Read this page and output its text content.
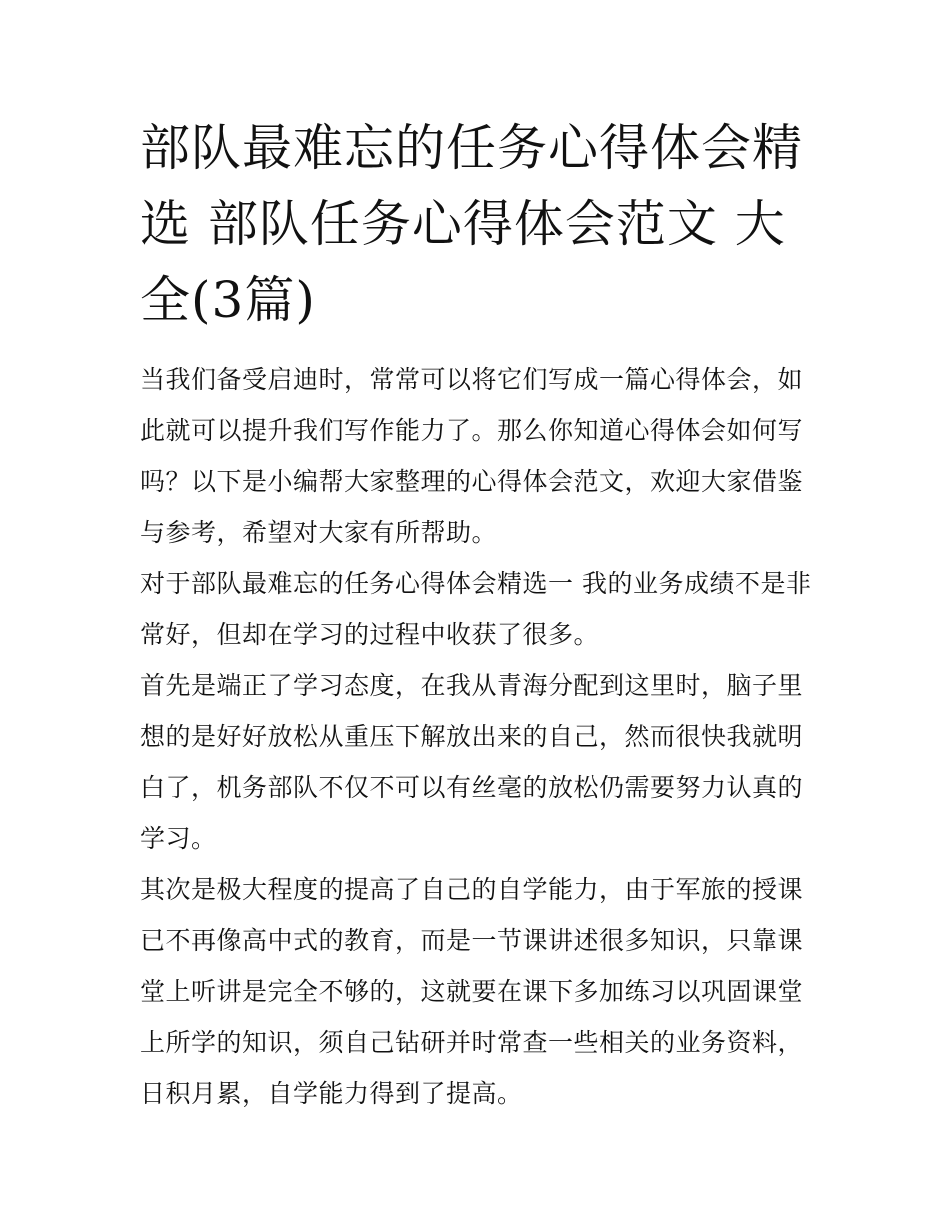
部队最难忘的任务心得体会精选 部队任务心得体会范文 大全(3篇)

当我们备受启迪时，常常可以将它们写成一篇心得体会，如此就可以提升我们写作能力了。那么你知道心得体会如何写吗？以下是小编帮大家整理的心得体会范文，欢迎大家借鉴与参考，希望对大家有所帮助。

对于部队最难忘的任务心得体会精选一 我的业务成绩不是非常好，但却在学习的过程中收获了很多。

首先是端正了学习态度，在我从青海分配到这里时，脑子里想的是好好放松从重压下解放出来的自己，然而很快我就明白了，机务部队不仅不可以有丝毫的放松仍需要努力认真的学习。

其次是极大程度的提高了自己的自学能力，由于军旅的授课已不再像高中式的教育，而是一节课讲述很多知识，只靠课堂上听讲是完全不够的，这就要在课下多加练习以巩固课堂上所学的知识，须自己钻研并时常查一些相关的业务资料，日积月累，自学能力得到了提高。
